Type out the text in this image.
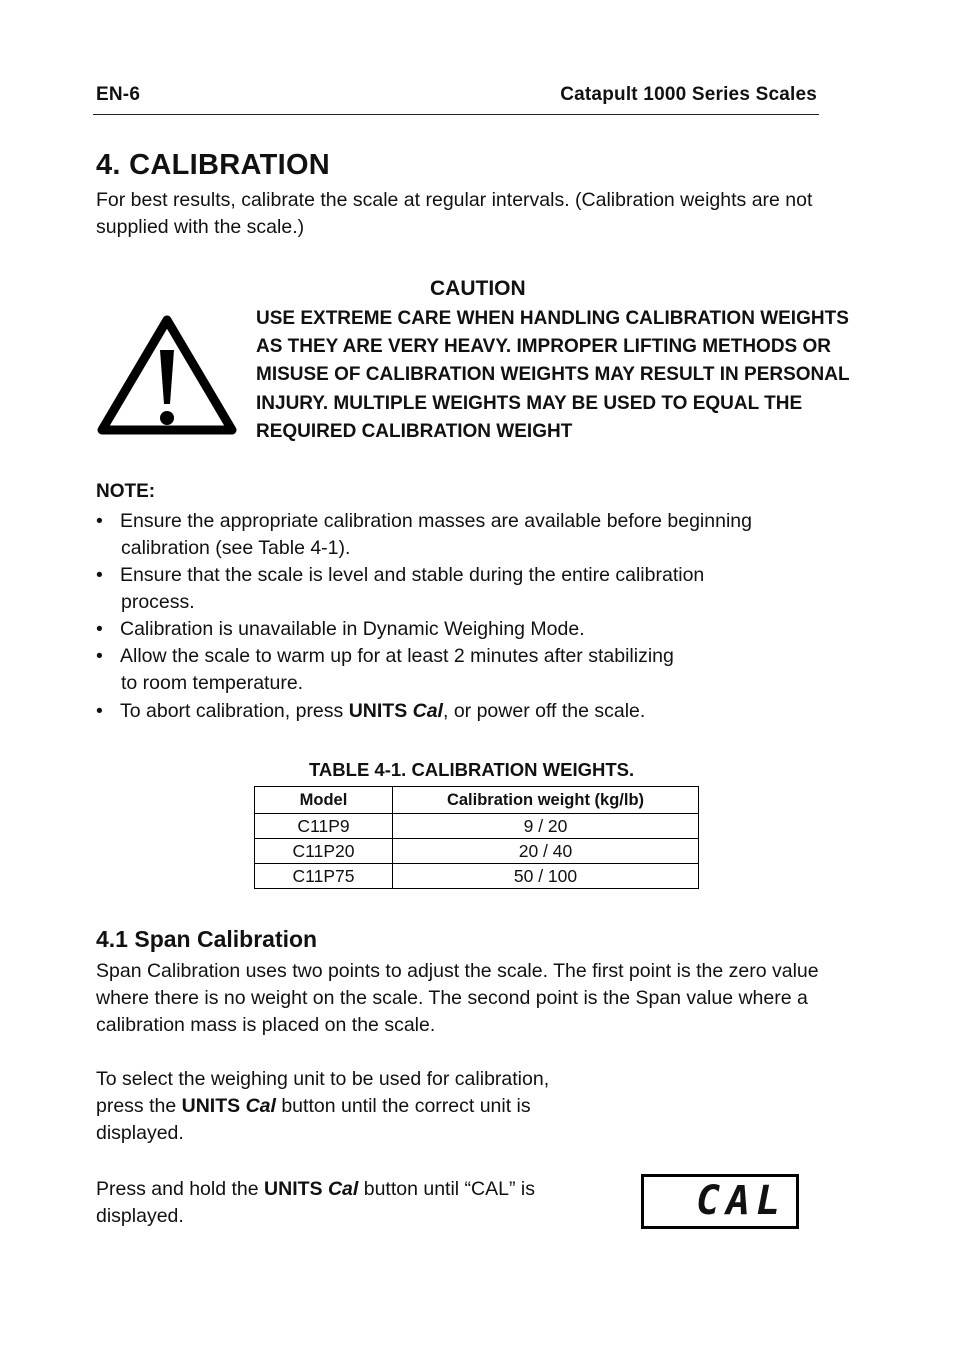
EN-6	Catapult 1000 Series Scales
4. CALIBRATION
For best results, calibrate the scale at regular intervals. (Calibration weights are not
supplied with the scale.)
CAUTION
USE EXTREME CARE WHEN HANDLING CALIBRATION WEIGHTS
AS THEY ARE VERY HEAVY. IMPROPER LIFTING METHODS OR
MISUSE OF CALIBRATION WEIGHTS MAY RESULT IN PERSONAL
INJURY. MULTIPLE WEIGHTS MAY BE USED TO EQUAL THE
REQUIRED CALIBRATION WEIGHT
NOTE:
• Ensure the appropriate calibration masses are available before beginning
calibration (see Table 4-1).
• Ensure that the scale is level and stable during the entire calibration
process.
• Calibration is unavailable in Dynamic Weighing Mode.
• Allow the scale to warm up for at least 2 minutes after stabilizing
to room temperature.
• To abort calibration, press UNITS Cal, or power off the scale.
TABLE 4-1. CALIBRATION WEIGHTS.
Model	Calibration weight (kg/lb)
C11P9	9 / 20
C11P20	20 / 40
C11P75	50 / 100
4.1 Span Calibration
Span Calibration uses two points to adjust the scale. The first point is the zero value
where there is no weight on the scale. The second point is the Span value where a
calibration mass is placed on the scale.
To select the weighing unit to be used for calibration,
press the UNITS Cal button until the correct unit is
displayed.
Press and hold the UNITS Cal button until “CAL” is
displayed.	CAL
